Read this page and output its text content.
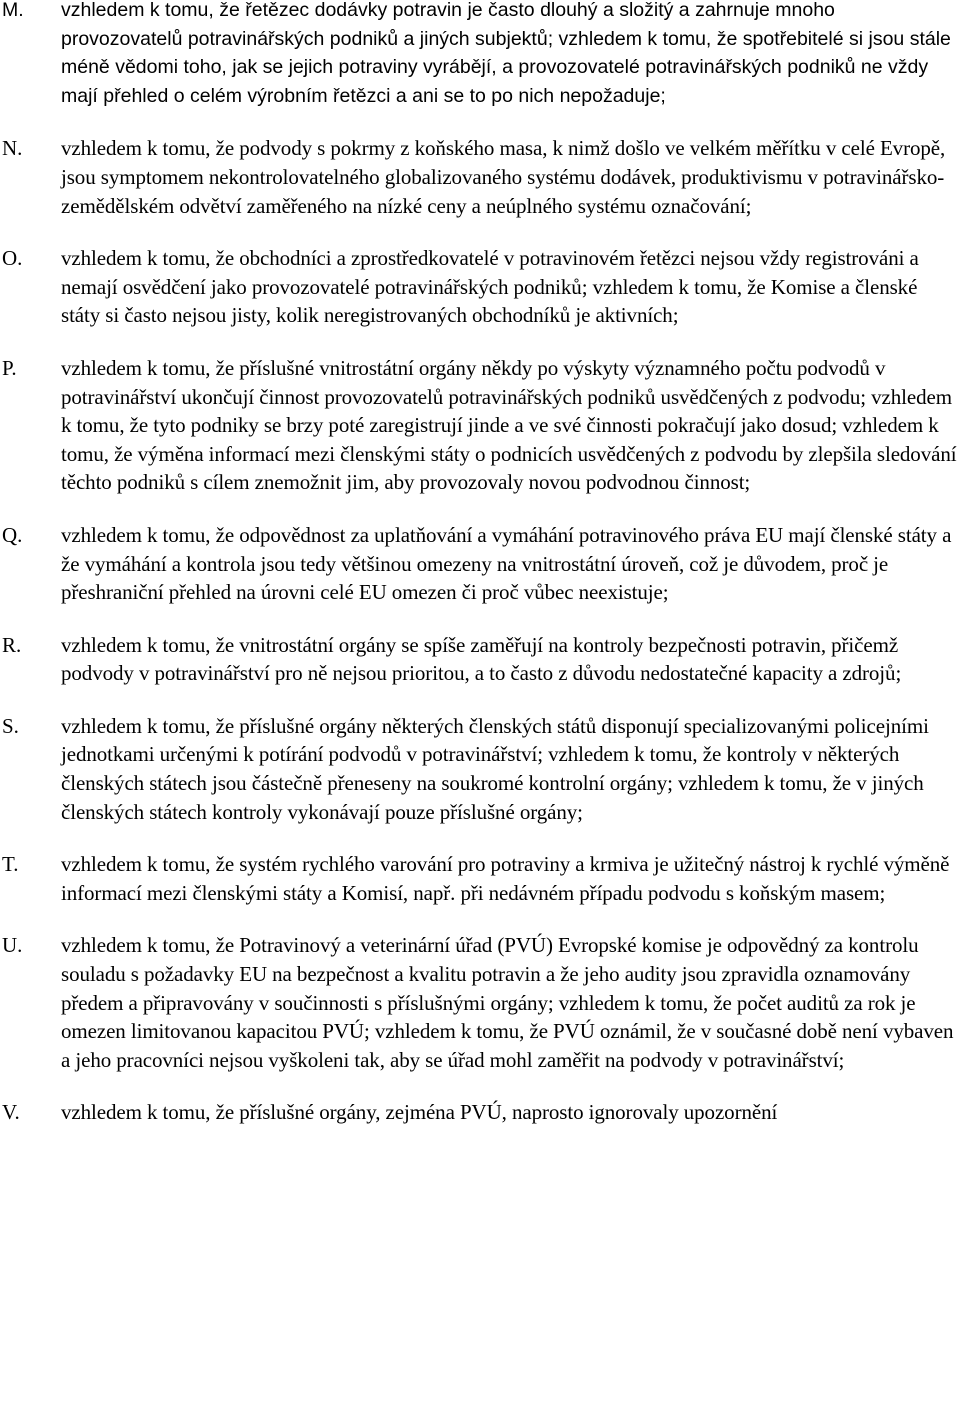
M.	vzhledem k tomu, že řetězec dodávky potravin je často dlouhý a složitý a zahrnuje mnoho provozovatelů potravinářských podniků a jiných subjektů; vzhledem k tomu, že spotřebitelé si jsou stále méně vědomi toho, jak se jejich potraviny vyrábějí, a provozovatelé potravinářských podniků ne vždy mají přehled o celém výrobním řetězci a ani se to po nich nepožaduje;

N.	vzhledem k tomu, že podvody s pokrmy z koňského masa, k nimž došlo ve velkém měřítku v celé Evropě, jsou symptomem nekontrolovatelného globalizovaného systému dodávek, produktivismu v potravinářsko-zemědělském odvětví zaměřeného na nízké ceny a neúplného systému označování;

O.	vzhledem k tomu, že obchodníci a zprostředkovatelé v potravinovém řetězci nejsou vždy registrováni a nemají osvědčení jako provozovatelé potravinářských podniků; vzhledem k tomu, že Komise a členské státy si často nejsou jisty, kolik neregistrovaných obchodníků je aktivních;

P.	vzhledem k tomu, že příslušné vnitrostátní orgány někdy po výskyty významného počtu podvodů v potravinářství ukončují činnost provozovatelů potravinářských podniků usvědčených z podvodu; vzhledem k tomu, že tyto podniky se brzy poté zaregistrují jinde a ve své činnosti pokračují jako dosud; vzhledem k tomu, že výměna informací mezi členskými státy o podnicích usvědčených z podvodu by zlepšila sledování těchto podniků s cílem znemožnit jim, aby provozovaly novou podvodnou činnost;

Q.	vzhledem k tomu, že odpovědnost za uplatňování a vymáhání potravinového práva EU mají členské státy a že vymáhání a kontrola jsou tedy většinou omezeny na vnitrostátní úroveň, což je důvodem, proč je přeshraniční přehled na úrovni celé EU omezen či proč vůbec neexistuje;

R.	vzhledem k tomu, že vnitrostátní orgány se spíše zaměřují na kontroly bezpečnosti potravin, přičemž podvody v potravinářství pro ně nejsou prioritou, a to často z důvodu nedostatečné kapacity a zdrojů;

S.	vzhledem k tomu, že příslušné orgány některých členských států disponují specializovanými policejními jednotkami určenými k potírání podvodů v potravinářství; vzhledem k tomu, že kontroly v některých členských státech jsou částečně přeneseny na soukromé kontrolní orgány; vzhledem k tomu, že v jiných členských státech kontroly vykonávají pouze příslušné orgány;

T.	vzhledem k tomu, že systém rychlého varování pro potraviny a krmiva je užitečný nástroj k rychlé výměně informací mezi členskými státy a Komisí, např. při nedávném případu podvodu s koňským masem;

U.	vzhledem k tomu, že Potravinový a veterinární úřad (PVÚ) Evropské komise je odpovědný za kontrolu souladu s požadavky EU na bezpečnost a kvalitu potravin a že jeho audity jsou zpravidla oznamovány předem a připravovány v součinnosti s příslušnými orgány; vzhledem k tomu, že počet auditů za rok je omezen limitovanou kapacitou PVÚ; vzhledem k tomu, že PVÚ oznámil, že v současné době není vybaven a jeho pracovníci nejsou vyškoleni tak, aby se úřad mohl zaměřit na podvody v potravinářství;

V.	vzhledem k tomu, že příslušné orgány, zejména PVÚ, naprosto ignorovaly upozornění
